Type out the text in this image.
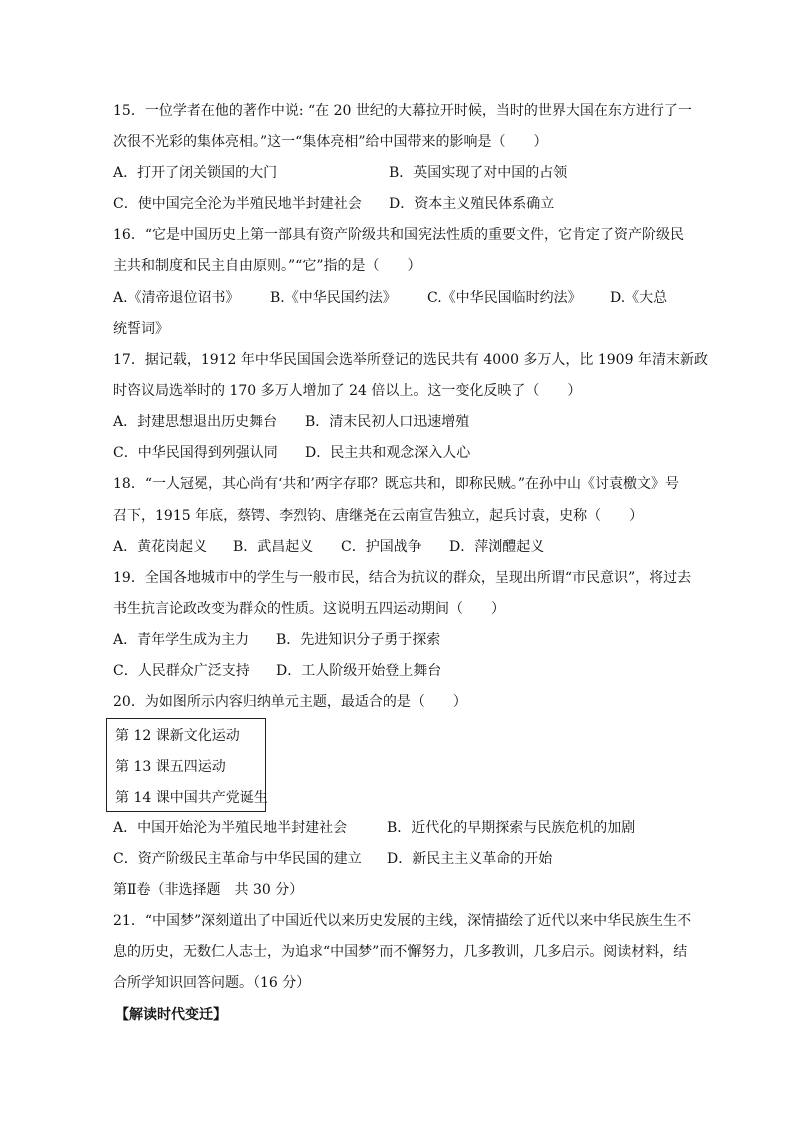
15．一位学者在他的著作中说: “在 20 世纪的大幕拉开时候，当时的世界大国在东方进行了一
次很不光彩的集体亮相。”这一“集体亮相”给中国带来的影响是（　　）
A．打开了闭关锁国的大门	B．英国实现了对中国的占领
C．使中国完全沦为半殖民地半封建社会 D．资本主义殖民体系确立
16．“它是中国历史上第一部具有资产阶级共和国宪法性质的重要文件，它肯定了资产阶级民
主共和制度和民主自由原则。”“它”指的是（　　）
A.《清帝退位诏书》 B.《中华民国约法》 C.《中华民国临时约法》 D.《大总
统誓词》
17．据记载，1912 年中华民国国会选举所登记的选民共有 4000 多万人，比 1909 年清末新政
时咨议局选举时的 170 多万人增加了 24 倍以上。这一变化反映了（　　）
A．封建思想退出历史舞台 B．清末民初人口迅速增殖
C．中华民国得到列强认同 D．民主共和观念深入人心
18．“一人冠冕，其心尚有‘共和’两字存耶？既忘共和，即称民贼。”在孙中山《讨袁檄文》号
召下，1915 年底，蔡锷、李烈钧、唐继尧在云南宣告独立，起兵讨袁，史称（　　）
A．黄花岗起义 B．武昌起义 C．护国战争 D．萍浏醴起义
19．全国各地城市中的学生与一般市民，结合为抗议的群众，呈现出所谓“市民意识”，将过去
书生抗言论政改变为群众的性质。这说明五四运动期间（　　）
A．青年学生成为主力 B．先进知识分子勇于探索
C．人民群众广泛支持 D．工人阶级开始登上舞台
20．为如图所示内容归纳单元主题，最适合的是（　　）
第 12 课新文化运动
第 13 课五四运动
第 14 课中国共产党诞生
A．中国开始沦为半殖民地半封建社会	B．近代化的早期探索与民族危机的加剧
C．资产阶级民主革命与中华民国的建立 D．新民主主义革命的开始
第Ⅱ卷（非选择题　共 30 分）
21．“中国梦”深刻道出了中国近代以来历史发展的主线，深情描绘了近代以来中华民族生生不
息的历史，无数仁人志士，为追求“中国梦”而不懈努力，几多教训，几多启示。阅读材料，结
合所学知识回答问题。（16 分）
【解读时代变迁】
